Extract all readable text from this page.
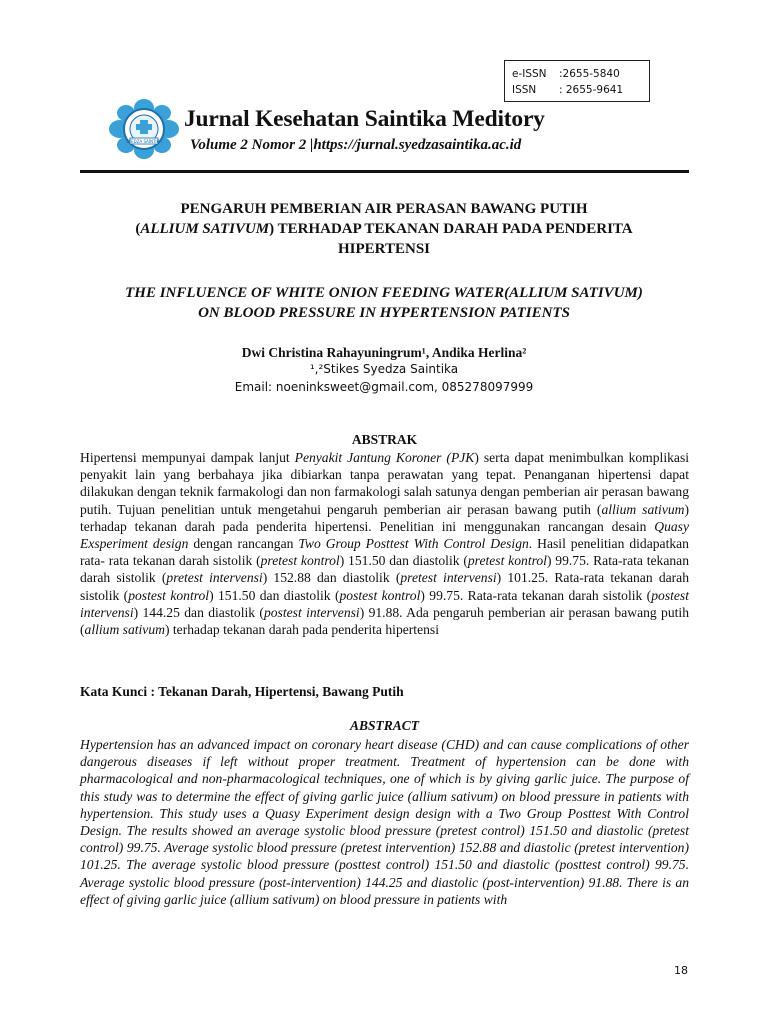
e-ISSN	:2655-5840
ISSN	: 2655-9641
SYEDZA SAINTIKA
Jurnal Kesehatan Saintika Meditory
Volume 2 Nomor 2 |https://jurnal.syedzasaintika.ac.id
PENGARUH PEMBERIAN AIR PERASAN BAWANG PUTIH
(ALLIUM SATIVUM) TERHADAP TEKANAN DARAH PADA PENDERITA
HIPERTENSI
THE INFLUENCE OF WHITE ONION FEEDING WATER(ALLIUM SATIVUM)
ON BLOOD PRESSURE IN HYPERTENSION PATIENTS
Dwi Christina Rahayuningrum¹, Andika Herlina²
¹,²Stikes Syedza Saintika
Email: noeninksweet@gmail.com, 085278097999
ABSTRAK
Hipertensi mempunyai dampak lanjut Penyakit Jantung Koroner (PJK) serta dapat menimbulkan komplikasi penyakit lain yang berbahaya jika dibiarkan tanpa perawatan yang tepat. Penanganan hipertensi dapat dilakukan dengan teknik farmakologi dan non farmakologi salah satunya dengan pemberian air perasan bawang putih. Tujuan penelitian untuk mengetahui pengaruh pemberian air perasan bawang putih (allium sativum) terhadap tekanan darah pada penderita hipertensi. Penelitian ini menggunakan rancangan desain Quasy Exsperiment design dengan rancangan Two Group Posttest With Control Design. Hasil penelitian didapatkan rata- rata tekanan darah sistolik (pretest kontrol) 151.50 dan diastolik (pretest kontrol) 99.75. Rata-rata tekanan darah sistolik (pretest intervensi) 152.88 dan diastolik (pretest intervensi) 101.25. Rata-rata tekanan darah sistolik (postest kontrol) 151.50 dan diastolik (postest kontrol) 99.75. Rata-rata tekanan darah sistolik (postest intervensi) 144.25 dan diastolik (postest intervensi) 91.88. Ada pengaruh pemberian air perasan bawang putih (allium sativum) terhadap tekanan darah pada penderita hipertensi
Kata Kunci : Tekanan Darah, Hipertensi, Bawang Putih
ABSTRACT
Hypertension has an advanced impact on coronary heart disease (CHD) and can cause complications of other dangerous diseases if left without proper treatment. Treatment of hypertension can be done with pharmacological and non-pharmacological techniques, one of which is by giving garlic juice. The purpose of this study was to determine the effect of giving garlic juice (allium sativum) on blood pressure in patients with hypertension. This study uses a Quasy Experiment design design with a Two Group Posttest With Control Design. The results showed an average systolic blood pressure (pretest control) 151.50 and diastolic (pretest control) 99.75. Average systolic blood pressure (pretest intervention) 152.88 and diastolic (pretest intervention) 101.25. The average systolic blood pressure (posttest control) 151.50 and diastolic (posttest control) 99.75. Average systolic blood pressure (post-intervention) 144.25 and diastolic (post-intervention) 91.88. There is an effect of giving garlic juice (allium sativum) on blood pressure in patients with
18
